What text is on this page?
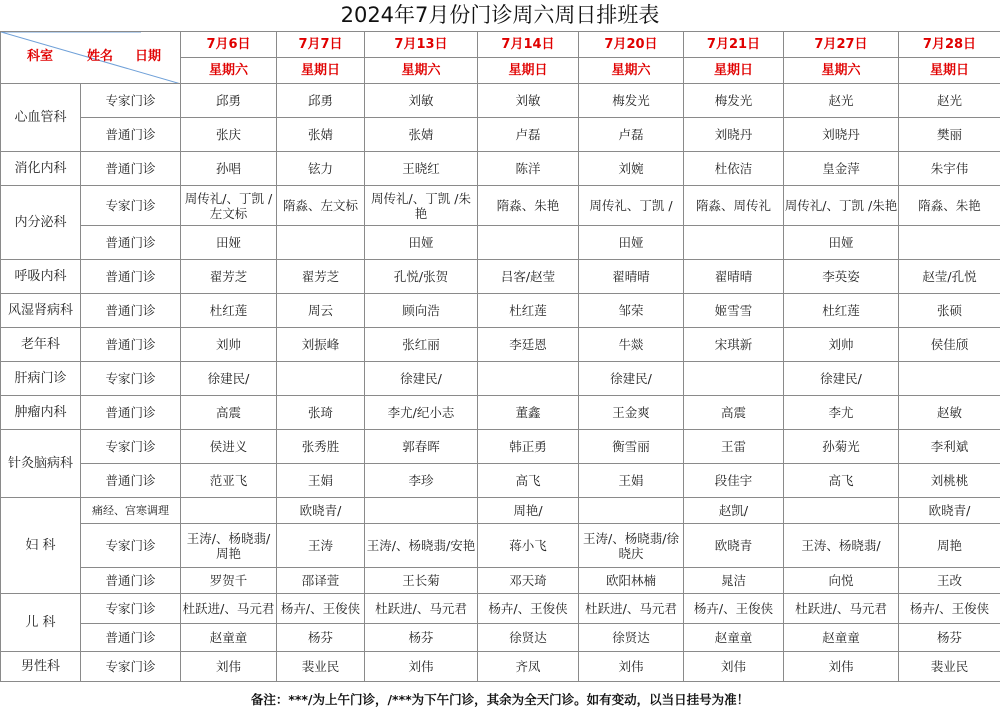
2024年7月份门诊周六周日排班表
科室 姓名 日期		7月6日	7月7日	7月13日	7月14日	7月20日	7月21日	7月27日	7月28日
		星期六	星期日	星期六	星期日	星期六	星期日	星期六	星期日
心血管科	专家门诊	邱勇	邱勇	刘敏	刘敏	梅发光	梅发光	赵光	赵光
	普通门诊	张庆	张婧	张婧	卢磊	卢磊	刘晓丹	刘晓丹	樊丽
消化内科	普通门诊	孙唱	铉力	王晓红	陈洋	刘婉	杜依洁	皇金萍	朱宇伟
内分泌科	专家门诊	周传礼/、丁凯 /左文标	隋淼、左文标	周传礼/、丁凯 /朱艳	隋淼、朱艳	周传礼、丁凯 /	隋淼、周传礼	周传礼/、丁凯 /朱艳	隋淼、朱艳
	普通门诊	田娅		田娅		田娅		田娅	
呼吸内科	普通门诊	翟芳芝	翟芳芝	孔悦/张贺	吕客/赵莹	翟晴晴	翟晴晴	李英姿	赵莹/孔悦
风湿肾病科	普通门诊	杜红莲	周云	顾向浩	杜红莲	邹荣	姬雪雪	杜红莲	张硕
老年科	普通门诊	刘帅	刘振峰	张红丽	李廷恩	牛燚	宋琪新	刘帅	侯佳颀
肝病门诊	专家门诊	徐建民/		徐建民/		徐建民/		徐建民/	
肿瘤内科	普通门诊	高震	张琦	李尤/纪小志	董鑫	王金爽	高震	李尤	赵敏
针灸脑病科	专家门诊	侯进义	张秀胜	郭春晖	韩正勇	衡雪丽	王雷	孙菊光	李利斌
	普通门诊	范亚飞	王娟	李珍	高飞	王娟	段佳宇	高飞	刘桃桃
妇 科	痛经、宫寒调理		欧晓青/		周艳/		赵凯/		欧晓青/
	专家门诊	王涛/、杨晓翡/周艳	王涛	王涛/、杨晓翡/安艳	蒋小飞	王涛/、杨晓翡/徐晓庆	欧晓青	王涛、杨晓翡/	周艳
	普通门诊	罗贺千	邵译萱	王长菊	邓天琦	欧阳林楠	晁洁	向悦	王改
儿 科	专家门诊	杜跃进/、马元君	杨卉/、王俊侠	杜跃进/、马元君	杨卉/、王俊侠	杜跃进/、马元君	杨卉/、王俊侠	杜跃进/、马元君	杨卉/、王俊侠
	普通门诊	赵童童	杨芬	杨芬	徐贤达	徐贤达	赵童童	赵童童	杨芬
男性科	专家门诊	刘伟	裴业民	刘伟	齐凤	刘伟	刘伟	刘伟	裴业民
备注：***/为上午门诊，/***为下午门诊，其余为全天门诊。如有变动，以当日挂号为准！
